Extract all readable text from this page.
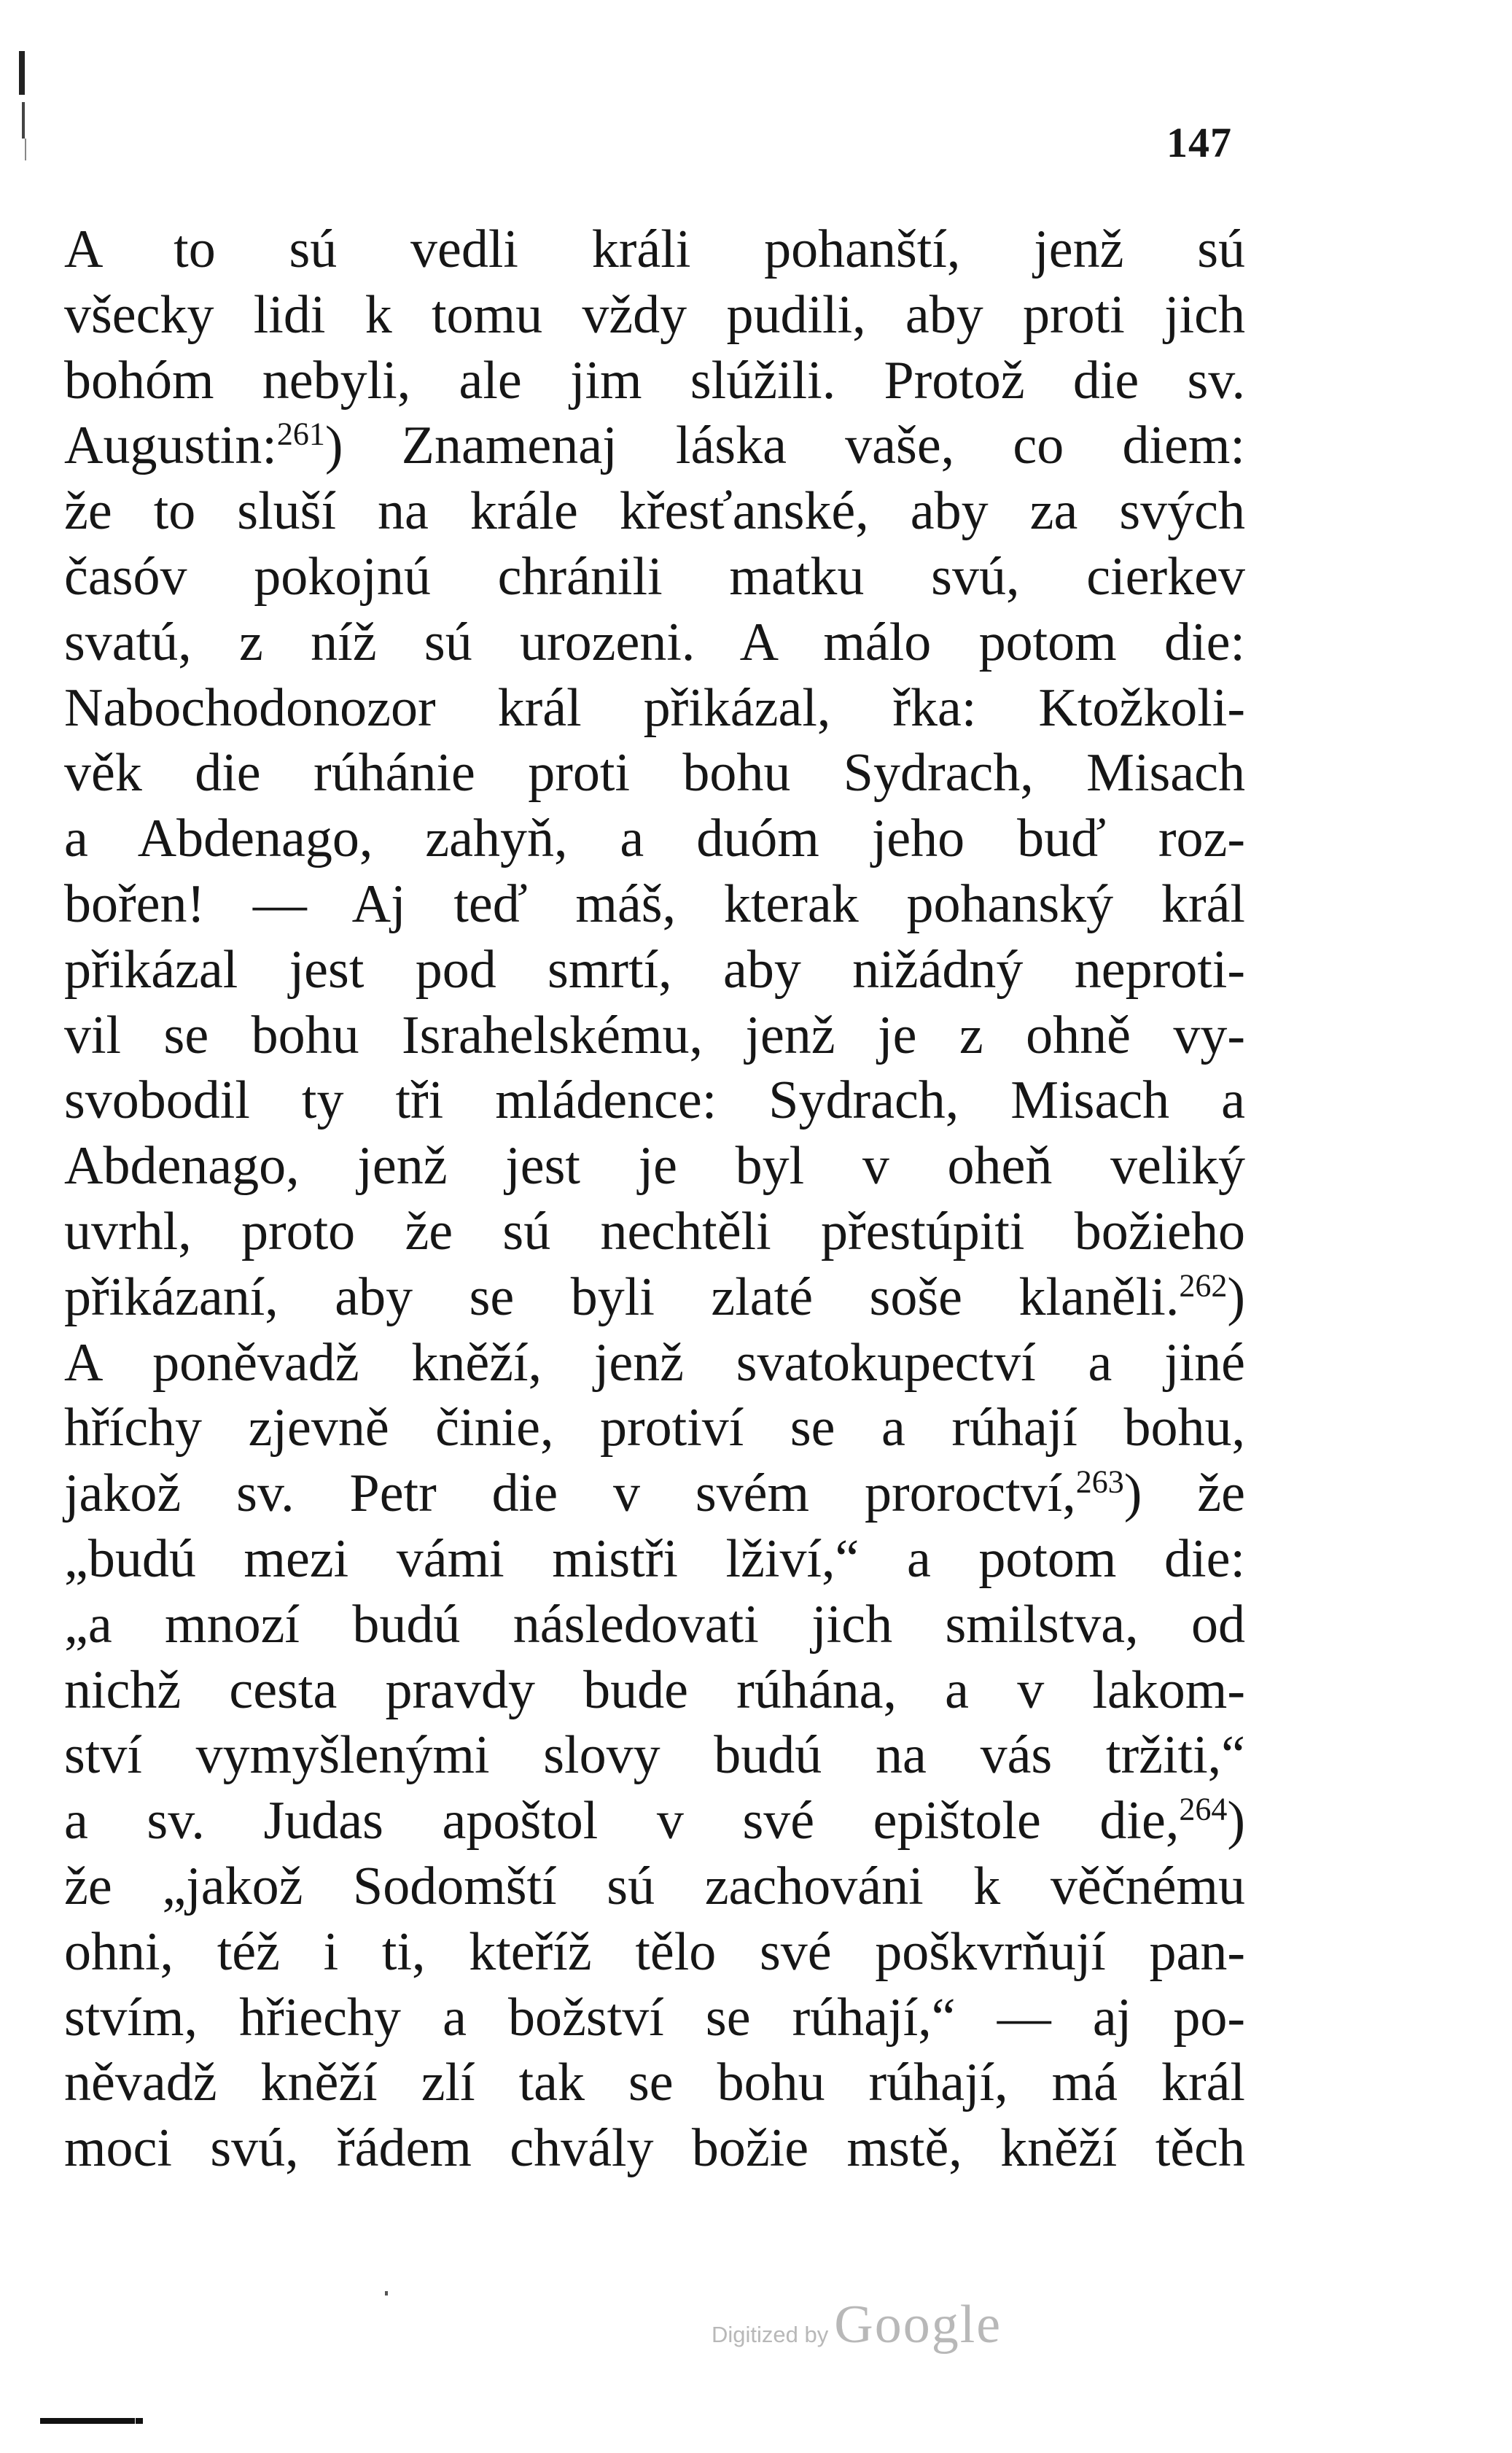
147
A to sú vedli králi pohanští, jenž sú
všecky lidi k tomu vždy pudili, aby proti jich
bohóm nebyli, ale jim slúžili. Protož die sv.
Augustin:$^{261}$) Znamenaj láska vaše, co diem:
že to sluší na krále křesťanské, aby za svých
časóv pokojnú chránili matku svú, cierkev
svatú, z níž sú urozeni. A málo potom die:
Nabochodonozor král přikázal, řka: Ktožkoli-
věk die rúhánie proti bohu Sydrach, Misach
a Abdenago, zahyň, a duóm jeho buď roz-
bořen! — Aj teď máš, kterak pohanský král
přikázal jest pod smrtí, aby nižádný neproti-
vil se bohu Israhelskému, jenž je z ohně vy-
svobodil ty tři mládence: Sydrach, Misach a
Abdenago, jenž jest je byl v oheň veliký
uvrhl, proto že sú nechtěli přestúpiti božieho
přikázaní, aby se byli zlaté soše klaněli.$^{262}$)
A poněvadž kněží, jenž svatokupectví a jiné
hříchy zjevně činie, protiví se a rúhají bohu,
jakož sv. Petr die v svém proroctví,$^{263}$) že
„budú mezi vámi mistři lživí,“ a potom die:
„a mnozí budú následovati jich smilstva, od
nichž cesta pravdy bude rúhána, a v lakom-
ství vymyšlenými slovy budú na vás tržiti,“
a sv. Judas apoštol v své epištole die,$^{264}$)
že „jakož Sodomští sú zachováni k věčnému
ohni, též i ti, kteříž tělo své poškvrňují pan-
stvím, hřiechy a božství se rúhají,“ — aj po-
něvadž kněží zlí tak se bohu rúhají, má král
moci svú, řádem chvály božie mstě, kněží těch
Digitized by Google
